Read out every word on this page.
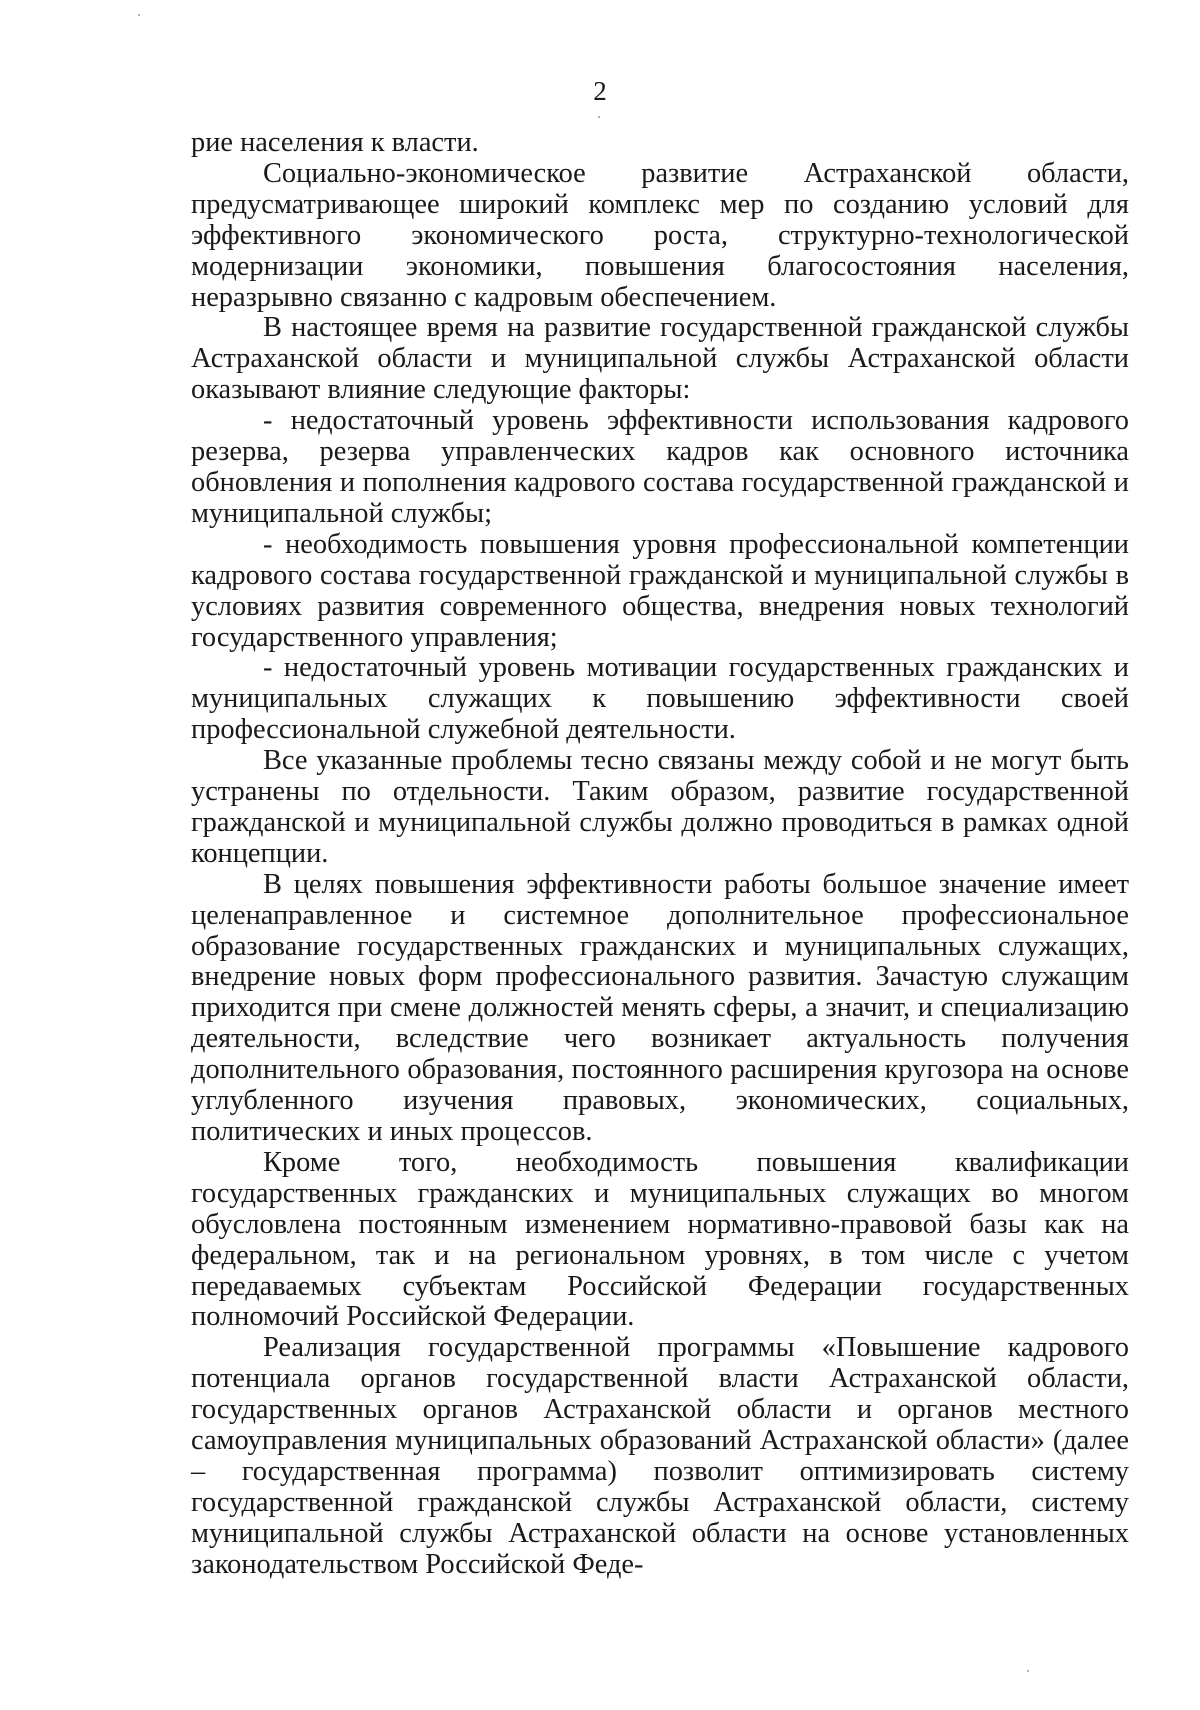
2

рие населения к власти.

Социально-экономическое развитие Астраханской области, предусматривающее широкий комплекс мер по созданию условий для эффективного экономического роста, структурно-технологической модернизации экономики, повышения благосостояния населения, неразрывно связанно с кадровым обеспечением.

В настоящее время на развитие государственной гражданской службы Астраханской области и муниципальной службы Астраханской области оказывают влияние следующие факторы:

- недостаточный уровень эффективности использования кадрового резерва, резерва управленческих кадров как основного источника обновления и пополнения кадрового состава государственной гражданской и муниципальной службы;

- необходимость повышения уровня профессиональной компетенции кадрового состава государственной гражданской и муниципальной службы в условиях развития современного общества, внедрения новых технологий государственного управления;

- недостаточный уровень мотивации государственных гражданских и муниципальных служащих к повышению эффективности своей профессиональной служебной деятельности.

Все указанные проблемы тесно связаны между собой и не могут быть устранены по отдельности. Таким образом, развитие государственной гражданской и муниципальной службы должно проводиться в рамках одной концепции.

В целях повышения эффективности работы большое значение имеет целенаправленное и системное дополнительное профессиональное образование государственных гражданских и муниципальных служащих, внедрение новых форм профессионального развития. Зачастую служащим приходится при смене должностей менять сферы, а значит, и специализацию деятельности, вследствие чего возникает актуальность получения дополнительного образования, постоянного расширения кругозора на основе углубленного изучения правовых, экономических, социальных, политических и иных процессов.

Кроме того, необходимость повышения квалификации государственных гражданских и муниципальных служащих во многом обусловлена постоянным изменением нормативно-правовой базы как на федеральном, так и на региональном уровнях, в том числе с учетом передаваемых субъектам Российской Федерации государственных полномочий Российской Федерации.

Реализация государственной программы «Повышение кадрового потенциала органов государственной власти Астраханской области, государственных органов Астраханской области и органов местного самоуправления муниципальных образований Астраханской области» (далее – государственная программа) позволит оптимизировать систему государственной гражданской службы Астраханской области, систему муниципальной службы Астраханской области на основе установленных законодательством Российской Феде-
